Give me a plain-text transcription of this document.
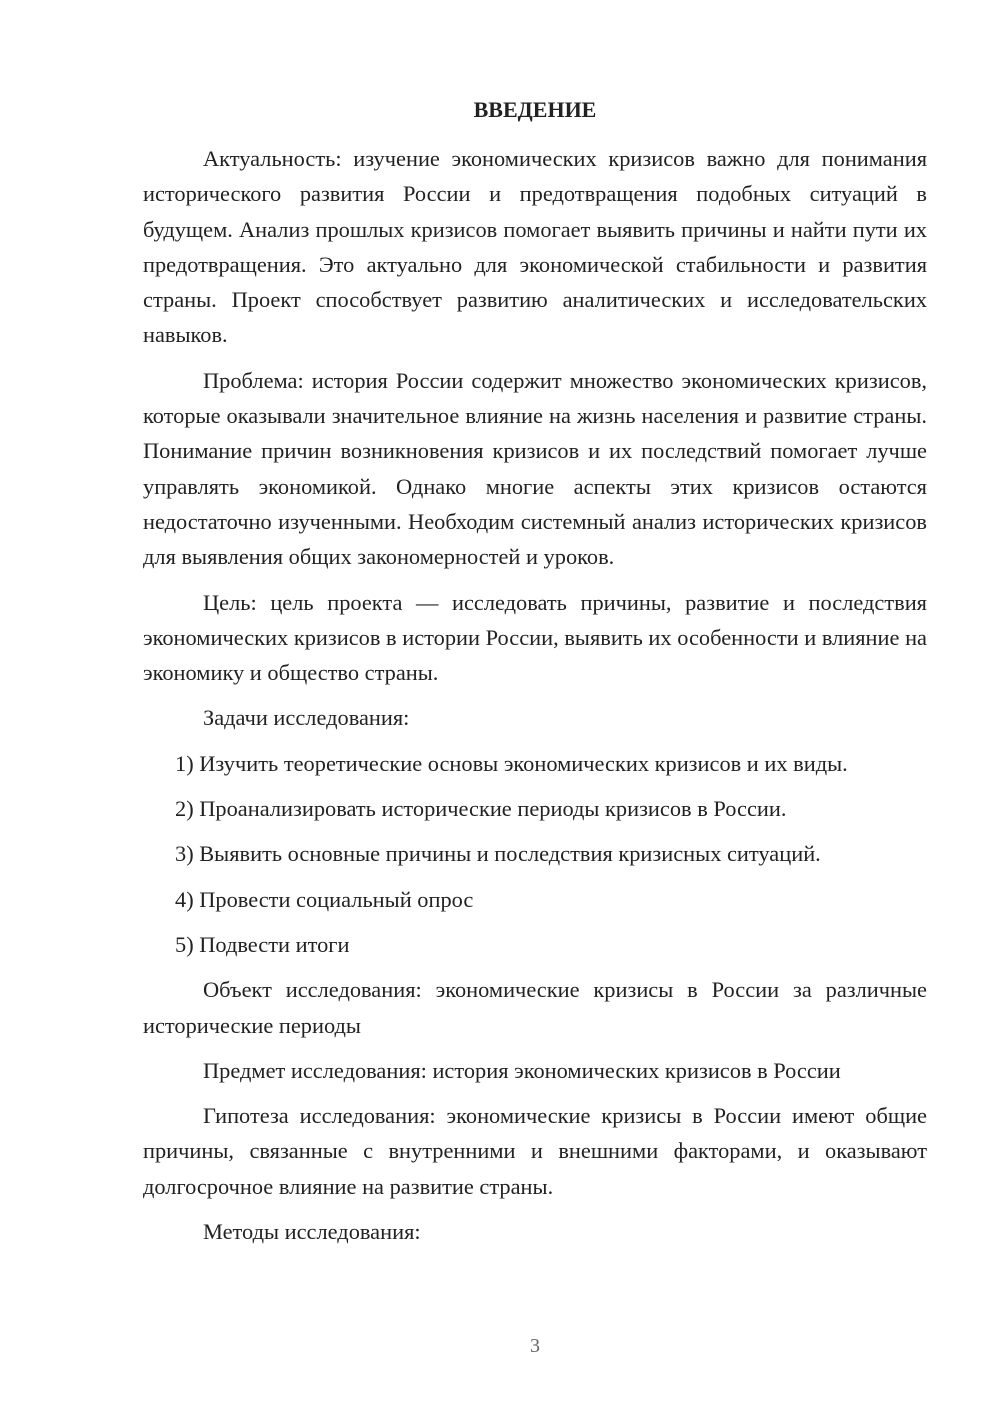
ВВЕДЕНИЕ

Актуальность: изучение экономических кризисов важно для понимания исторического развития России и предотвращения подобных ситуаций в будущем. Анализ прошлых кризисов помогает выявить причины и найти пути их предотвращения. Это актуально для экономической стабильности и развития страны. Проект способствует развитию аналитических и исследовательских навыков.

Проблема: история России содержит множество экономических кризисов, которые оказывали значительное влияние на жизнь населения и развитие страны. Понимание причин возникновения кризисов и их последствий помогает лучше управлять экономикой. Однако многие аспекты этих кризисов остаются недостаточно изученными. Необходим системный анализ исторических кризисов для выявления общих закономерностей и уроков.

Цель: цель проекта — исследовать причины, развитие и последствия экономических кризисов в истории России, выявить их особенности и влияние на экономику и общество страны.

Задачи исследования:

1) Изучить теоретические основы экономических кризисов и их виды.
2) Проанализировать исторические периоды кризисов в России.
3) Выявить основные причины и последствия кризисных ситуаций.
4) Провести социальный опрос
5) Подвести итоги

Объект исследования: экономические кризисы в России за различные исторические периоды

Предмет исследования: история экономических кризисов в России

Гипотеза исследования: экономические кризисы в России имеют общие причины, связанные с внутренними и внешними факторами, и оказывают долгосрочное влияние на развитие страны.

Методы исследования:

3
